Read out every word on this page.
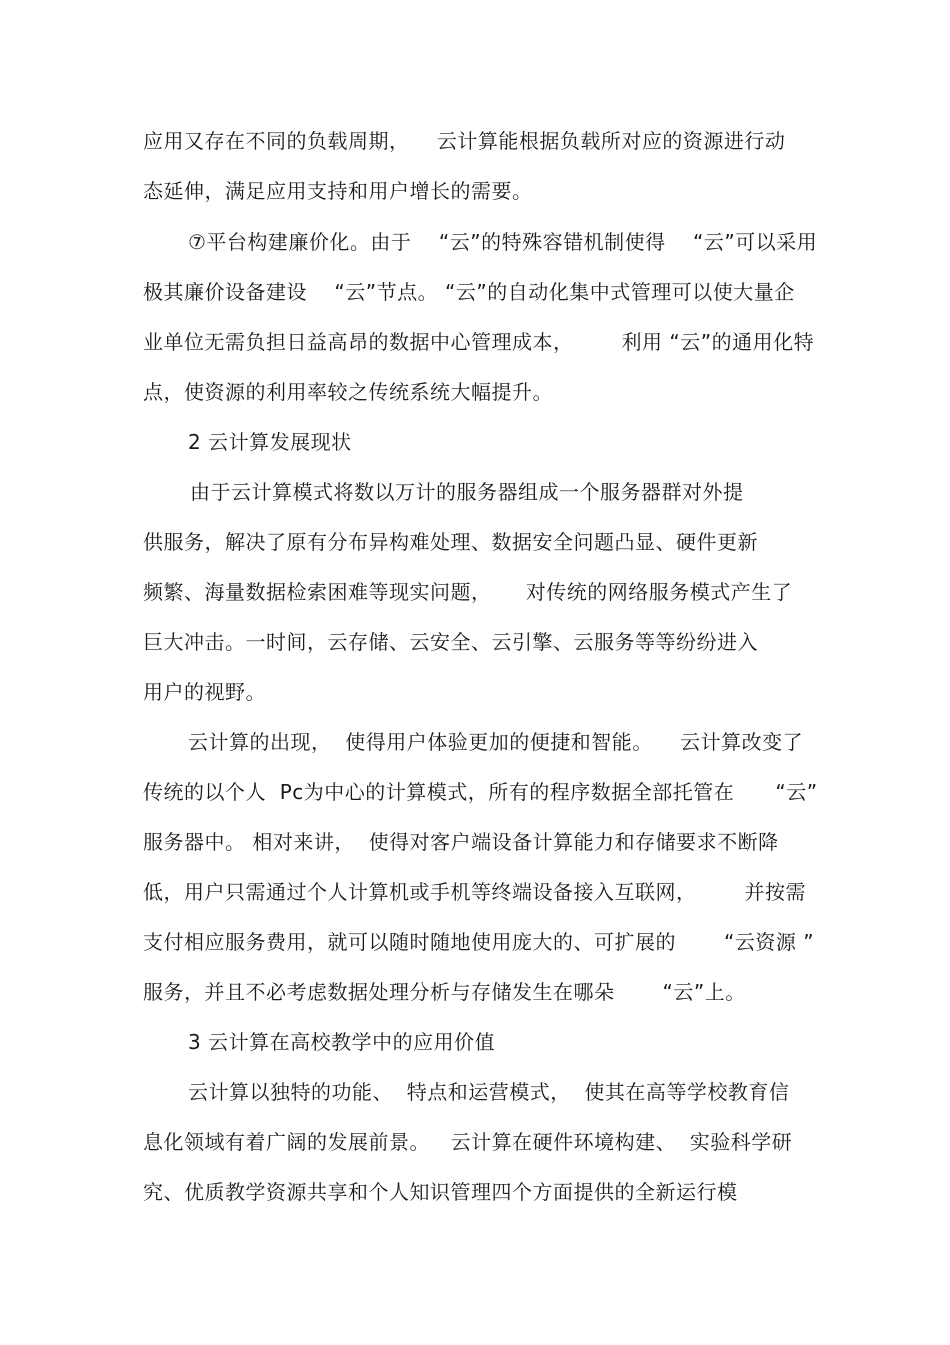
应用又存在不同的负载周期，    云计算能根据负载所对应的资源进行动
态延伸，满足应用支持和用户增长的需要。
⑦平台构建廉价化。由于    “云”的特殊容错机制使得    “云”可以采用
极其廉价设备建设    “云”节点。 “云”的自动化集中式管理可以使大量企
业单位无需负担日益高昂的数据中心管理成本，       利用 “云”的通用化特
点，使资源的利用率较之传统系统大幅提升。
2 云计算发展现状
由于云计算模式将数以万计的服务器组成一个服务器群对外提
供服务，解决了原有分布异构难处理、数据安全问题凸显、硬件更新
频繁、海量数据检索困难等现实问题，     对传统的网络服务模式产生了
巨大冲击。一时间，云存储、云安全、云引擎、云服务等等纷纷进入
用户的视野。
云计算的出现，  使得用户体验更加的便捷和智能。    云计算改变了
传统的以个人  Pc为中心的计算模式，所有的程序数据全部托管在      “云”
服务器中。 相对来讲，  使得对客户端设备计算能力和存储要求不断降
低，用户只需通过个人计算机或手机等终端设备接入互联网，       并按需
支付相应服务费用，就可以随时随地使用庞大的、可扩展的       “云资源 ”
服务，并且不必考虑数据处理分析与存储发生在哪朵       “云”上。
3 云计算在高校教学中的应用价值
云计算以独特的功能、  特点和运营模式，  使其在高等学校教育信
息化领域有着广阔的发展前景。   云计算在硬件环境构建、  实验科学研
究、优质教学资源共享和个人知识管理四个方面提供的全新运行模
